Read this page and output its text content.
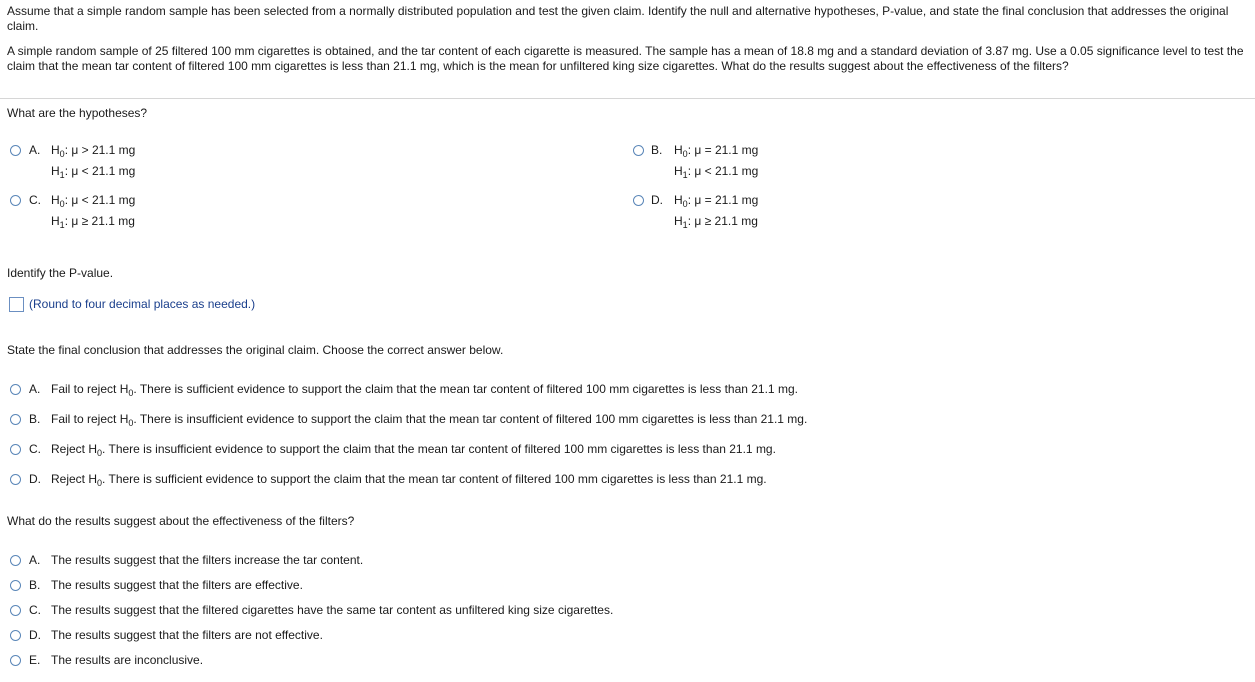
Assume that a simple random sample has been selected from a normally distributed population and test the given claim. Identify the null and alternative hypotheses, P-value, and state the final conclusion that addresses the original claim.
A simple random sample of 25 filtered 100 mm cigarettes is obtained, and the tar content of each cigarette is measured. The sample has a mean of 18.8 mg and a standard deviation of 3.87 mg. Use a 0.05 significance level to test the claim that the mean tar content of filtered 100 mm cigarettes is less than 21.1 mg, which is the mean for unfiltered king size cigarettes. What do the results suggest about the effectiveness of the filters?
What are the hypotheses?
A. $H_0$: μ > 21.1 mg
$H_1$: μ < 21.1 mg
B. $H_0$: μ = 21.1 mg
$H_1$: μ < 21.1 mg
C. $H_0$: μ < 21.1 mg
$H_1$: μ ≥ 21.1 mg
D. $H_0$: μ = 21.1 mg
$H_1$: μ ≥ 21.1 mg
Identify the P-value.
(Round to four decimal places as needed.)
State the final conclusion that addresses the original claim. Choose the correct answer below.
A. Fail to reject $H_0$. There is sufficient evidence to support the claim that the mean tar content of filtered 100 mm cigarettes is less than 21.1 mg.
B. Fail to reject $H_0$. There is insufficient evidence to support the claim that the mean tar content of filtered 100 mm cigarettes is less than 21.1 mg.
C. Reject $H_0$. There is insufficient evidence to support the claim that the mean tar content of filtered 100 mm cigarettes is less than 21.1 mg.
D. Reject $H_0$. There is sufficient evidence to support the claim that the mean tar content of filtered 100 mm cigarettes is less than 21.1 mg.
What do the results suggest about the effectiveness of the filters?
A. The results suggest that the filters increase the tar content.
B. The results suggest that the filters are effective.
C. The results suggest that the filtered cigarettes have the same tar content as unfiltered king size cigarettes.
D. The results suggest that the filters are not effective.
E. The results are inconclusive.
